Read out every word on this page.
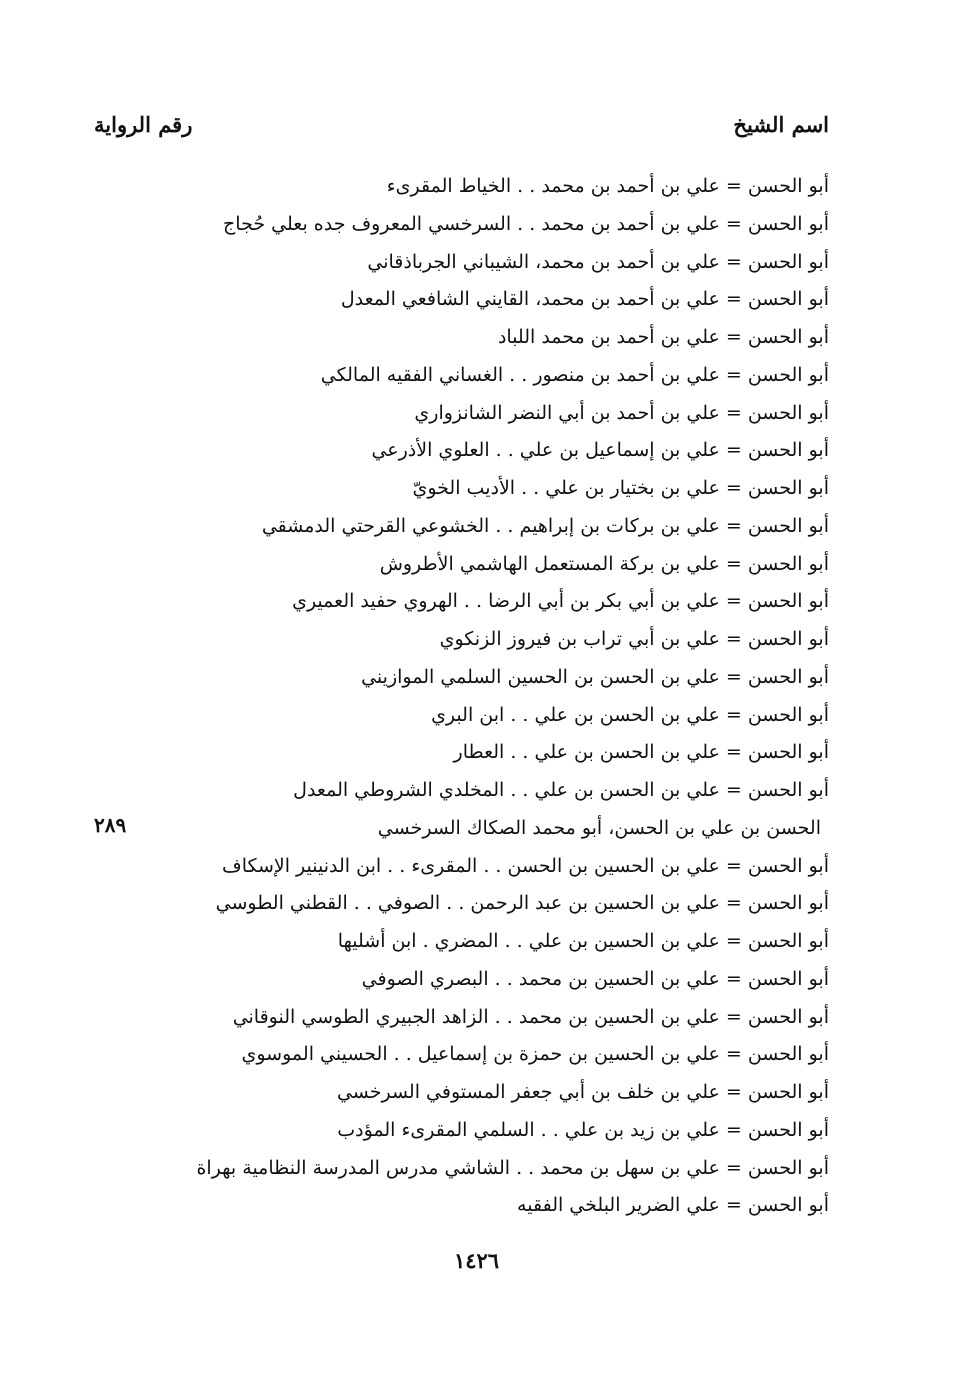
اسم الشيخ
رقم الرواية
أبو الحسن = علي بن أحمد بن محمد . . الخياط المقرىء
أبو الحسن = علي بن أحمد بن محمد . . السرخسي المعروف جده بعلي حُجاج
أبو الحسن = علي بن أحمد بن محمد، الشيباني الجرباذقاني
أبو الحسن = علي بن أحمد بن محمد، القايني الشافعي المعدل
أبو الحسن = علي بن أحمد بن محمد اللباد
أبو الحسن = علي بن أحمد بن منصور . . الغساني الفقيه المالكي
أبو الحسن = علي بن أحمد بن أبي النضر الشانزواري
أبو الحسن = علي بن إسماعيل بن علي . . العلوي الأذرعي
أبو الحسن = علي بن بختيار بن علي . . الأديب الخويّ
أبو الحسن = علي بن بركات بن إبراهيم . . الخشوعي القرحتي الدمشقي
أبو الحسن = علي بن بركة المستعمل الهاشمي الأطروش
أبو الحسن = علي بن أبي بكر بن أبي الرضا . . الهروي حفيد العميري
أبو الحسن = علي بن أبي تراب بن فيروز الزنكوي
أبو الحسن = علي بن الحسن بن الحسين السلمي الموازيني
أبو الحسن = علي بن الحسن بن علي . . ابن البري
أبو الحسن = علي بن الحسن بن علي . . العطار
أبو الحسن = علي بن الحسن بن علي . . المخلدي الشروطي المعدل
الحسن بن علي بن الحسن، أبو محمد الصكاك السرخسي
أبو الحسن = علي بن الحسين بن الحسن . . المقرىء . . ابن الدنينير الإسكاف
أبو الحسن = علي بن الحسين بن عبد الرحمن . . الصوفي . . القطني الطوسي
أبو الحسن = علي بن الحسين بن علي . . المضري . ابن أشليها
أبو الحسن = علي بن الحسين بن محمد . . البصري الصوفي
أبو الحسن = علي بن الحسين بن محمد . . الزاهد الجبيري الطوسي النوقاني
أبو الحسن = علي بن الحسين بن حمزة بن إسماعيل . . الحسيني الموسوي
أبو الحسن = علي بن خلف بن أبي جعفر المستوفي السرخسي
أبو الحسن = علي بن زيد بن علي . . السلمي المقرىء المؤدب
أبو الحسن = علي بن سهل بن محمد . . الشاشي مدرس المدرسة النظامية بهراة
أبو الحسن = علي الضرير البلخي الفقيه
٢٨٩
١٤٢٦
